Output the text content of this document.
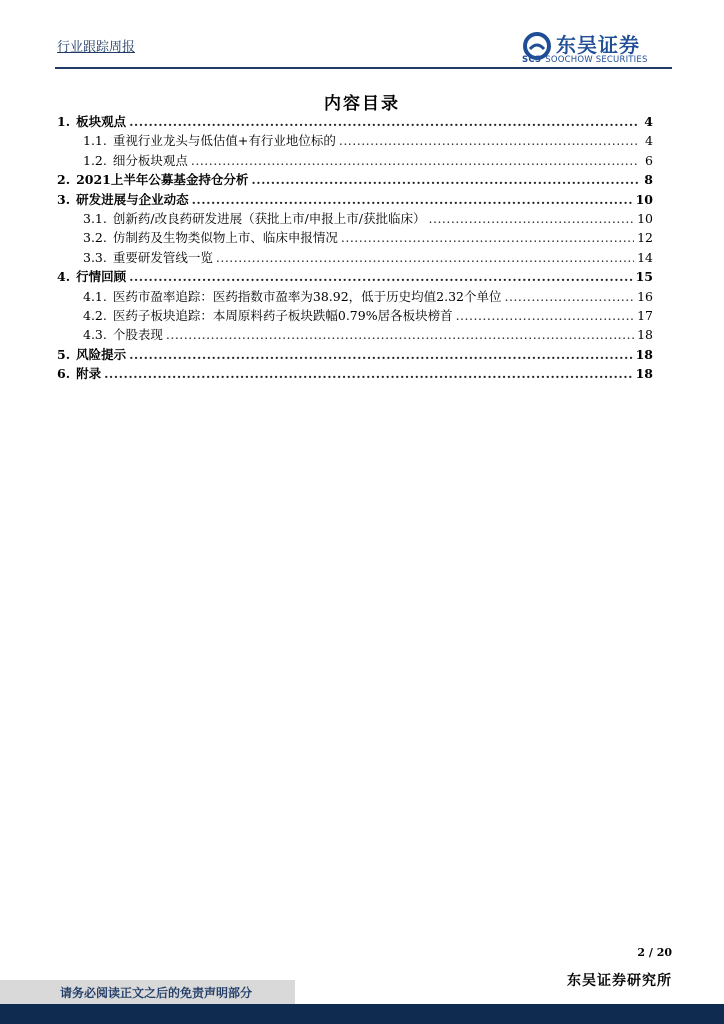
行业跟踪周报	东吴证券
SCS SOOCHOW SECURITIES
内容目录
1. 板块观点 .....	4
1.1. 重视行业龙头与低估值+有行业地位标的 .....	4
1.2. 细分板块观点 .....	6
2. 2021上半年公募基金持仓分析 .....	8
3. 研发进展与企业动态 .....	10
3.1. 创新药/改良药研发进展（获批上市/申报上市/获批临床） .....	10
3.2. 仿制药及生物类似物上市、临床申报情况 .....	12
3.3. 重要研发管线一览 .....	14
4. 行情回顾 .....	15
4.1. 医药市盈率追踪：医药指数市盈率为38.92，低于历史均值2.32个单位 .....	16
4.2. 医药子板块追踪：本周原料药子板块跌幅0.79%居各板块榜首 .....	17
4.3. 个股表现 .....	18
5. 风险提示 .....	18
6. 附录 .....	18
2 / 20
东吴证券研究所
请务必阅读正文之后的免责声明部分
